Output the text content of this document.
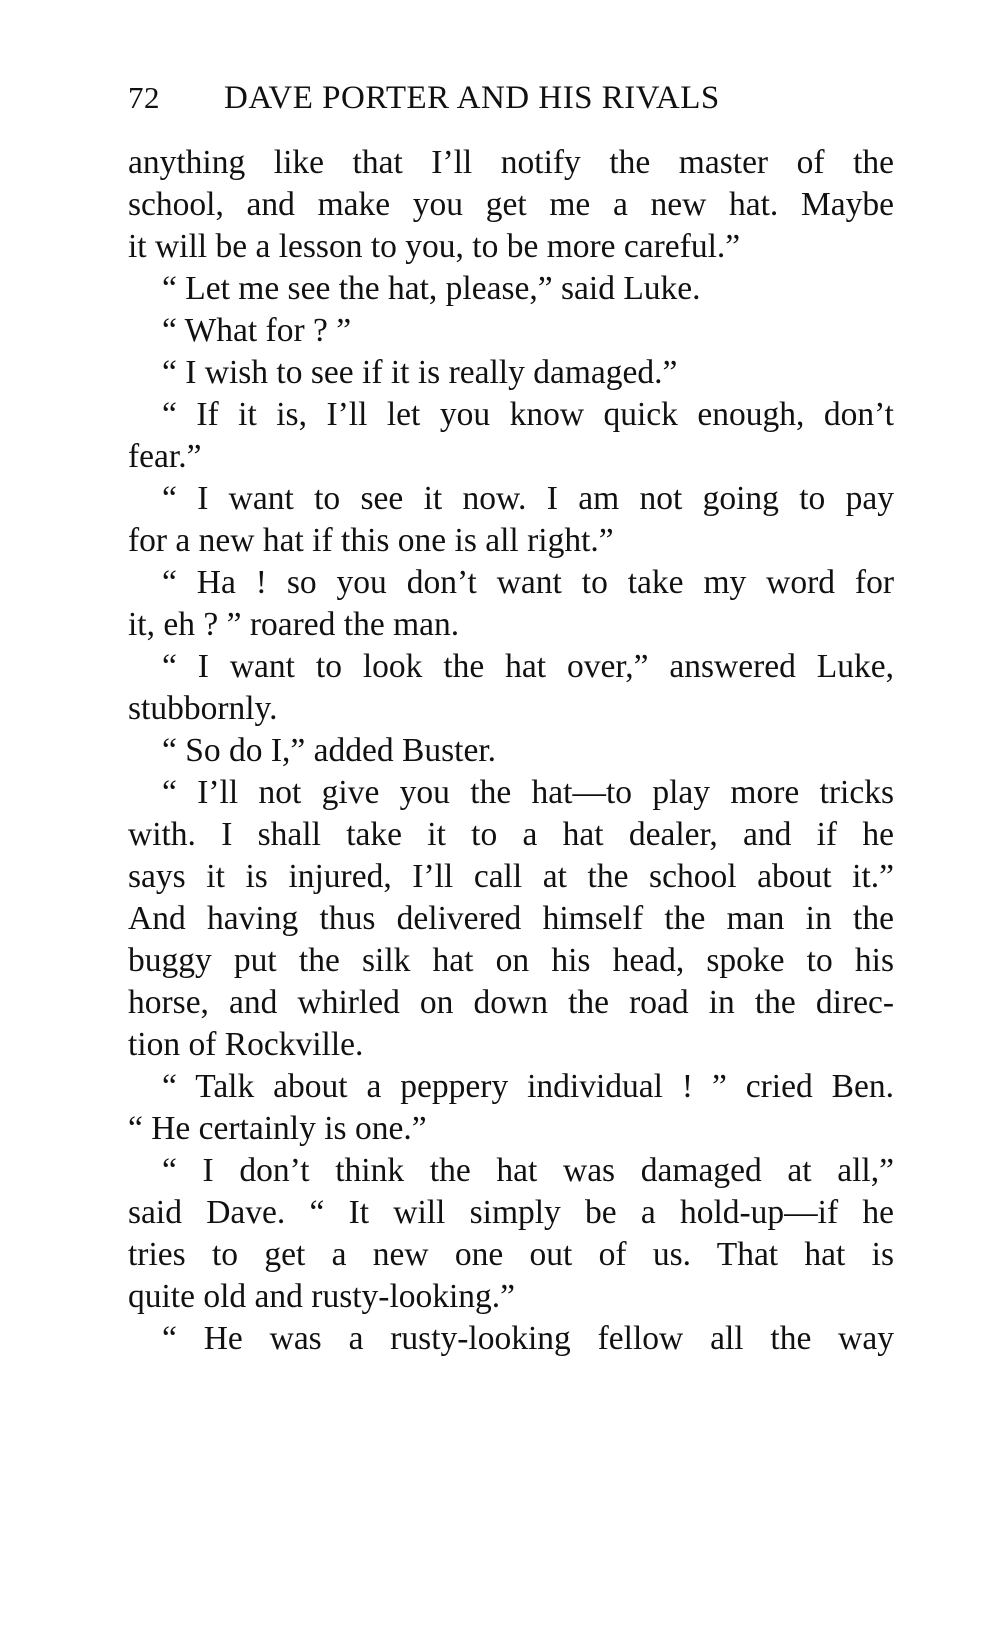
72 DAVE PORTER AND HIS RIVALS
anything like that I’ll notify the master of the
school, and make you get me a new hat. Maybe
it will be a lesson to you, to be more careful.”
“ Let me see the hat, please,” said Luke.
“ What for ? ”
“ I wish to see if it is really damaged.”
“ If it is, I’ll let you know quick enough, don’t
fear.”
“ I want to see it now. I am not going to pay
for a new hat if this one is all right.”
“ Ha ! so you don’t want to take my word for
it, eh ? ” roared the man.
“ I want to look the hat over,” answered Luke,
stubbornly.
“ So do I,” added Buster.
“ I’ll not give you the hat—to play more tricks
with. I shall take it to a hat dealer, and if he
says it is injured, I’ll call at the school about it.”
And having thus delivered himself the man in the
buggy put the silk hat on his head, spoke to his
horse, and whirled on down the road in the direc-
tion of Rockville.
“ Talk about a peppery individual ! ” cried Ben.
“ He certainly is one.”
“ I don’t think the hat was damaged at all,”
said Dave. “ It will simply be a hold-up—if he
tries to get a new one out of us. That hat is
quite old and rusty-looking.”
“ He was a rusty-looking fellow all the way
